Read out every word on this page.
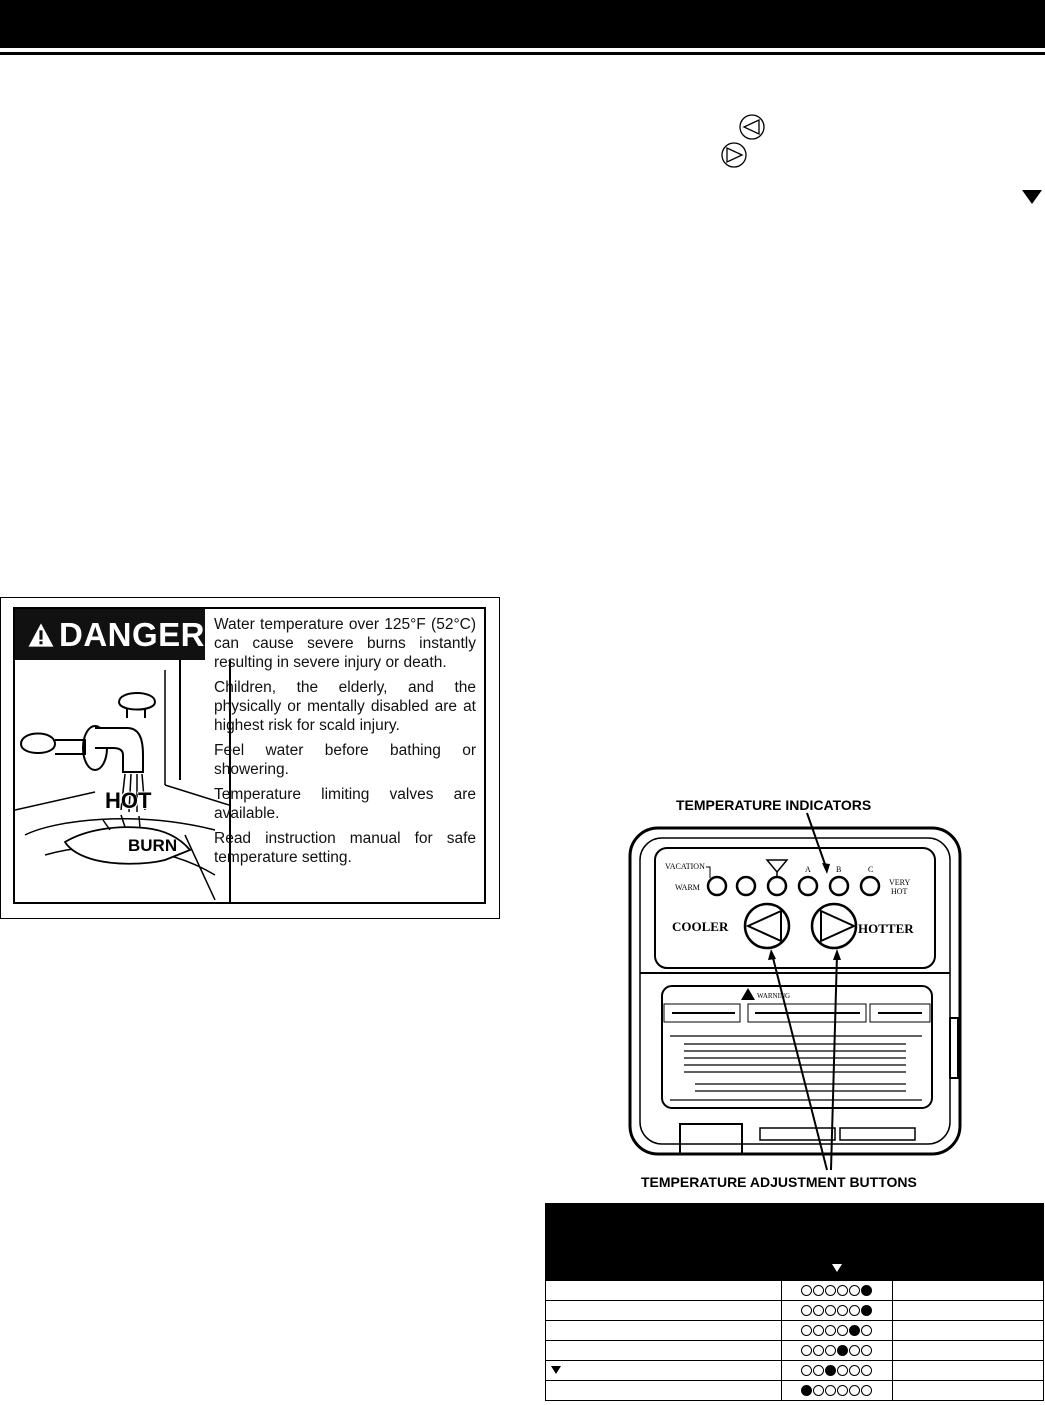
DANGER
HOT
BURN

Water temperature over 125°F (52°C) can cause severe burns instantly resulting in severe injury or death.

Children, the elderly, and the physically or mentally disabled are at highest risk for scald injury.

Feel water before bathing or showering.

Temperature limiting valves are available.

Read instruction manual for safe temperature setting.

TEMPERATURE INDICATORS
TEMPERATURE ADJUSTMENT BUTTONS
VACATION
WARM
A	B	C
VERY
HOT
COOLER	HOTTER
WARNING
